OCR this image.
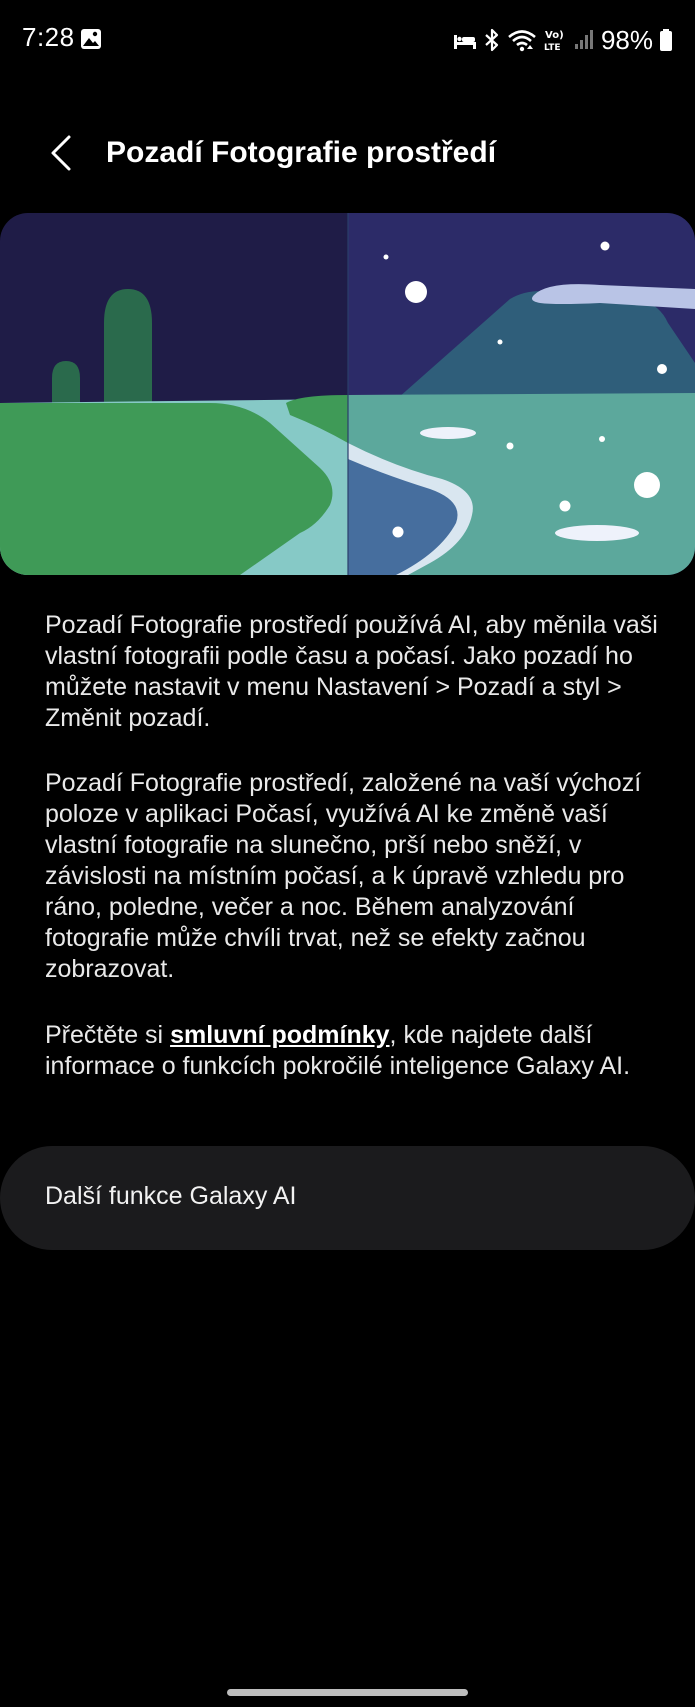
7:28	Vo)
LTE 98%
Pozadí Fotografie prostředí

Pozadí Fotografie prostředí používá AI, aby měnila vaši vlastní fotografii podle času a počasí. Jako pozadí ho můžete nastavit v menu Nastavení > Pozadí a styl > Změnit pozadí.

Pozadí Fotografie prostředí, založené na vaší výchozí poloze v aplikaci Počasí, využívá AI ke změně vaší vlastní fotografie na slunečno, prší nebo sněží, v závislosti na místním počasí, a k úpravě vzhledu pro ráno, poledne, večer a noc. Během analyzování fotografie může chvíli trvat, než se efekty začnou zobrazovat.

Přečtěte si smluvní podmínky, kde najdete další informace o funkcích pokročilé inteligence Galaxy AI.

Další funkce Galaxy AI
